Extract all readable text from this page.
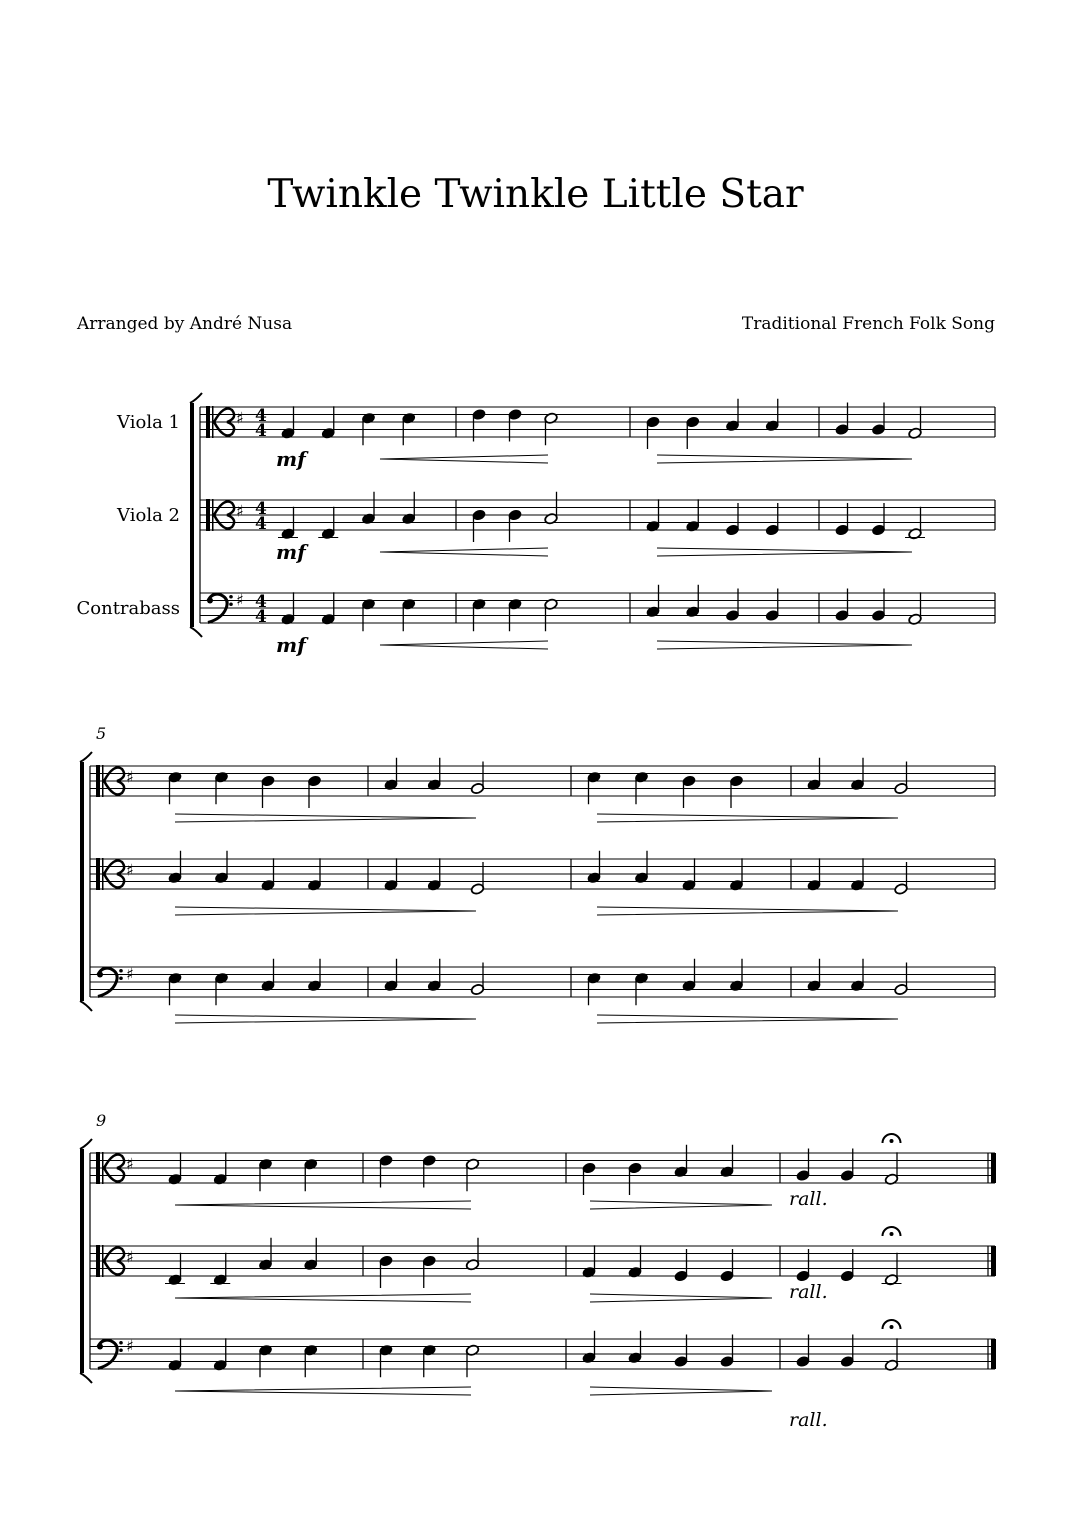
Twinkle Twinkle Little Star
Arranged by André Nusa	Traditional French Folk Song
Viola 1	♯ 4
4
Viola 2	♯ 4
4
Contrabass	♯ 4
4
mf
mf
mf
♯
♯
♯
5
♯
♯
♯
9
rall.
rall.
rall.
